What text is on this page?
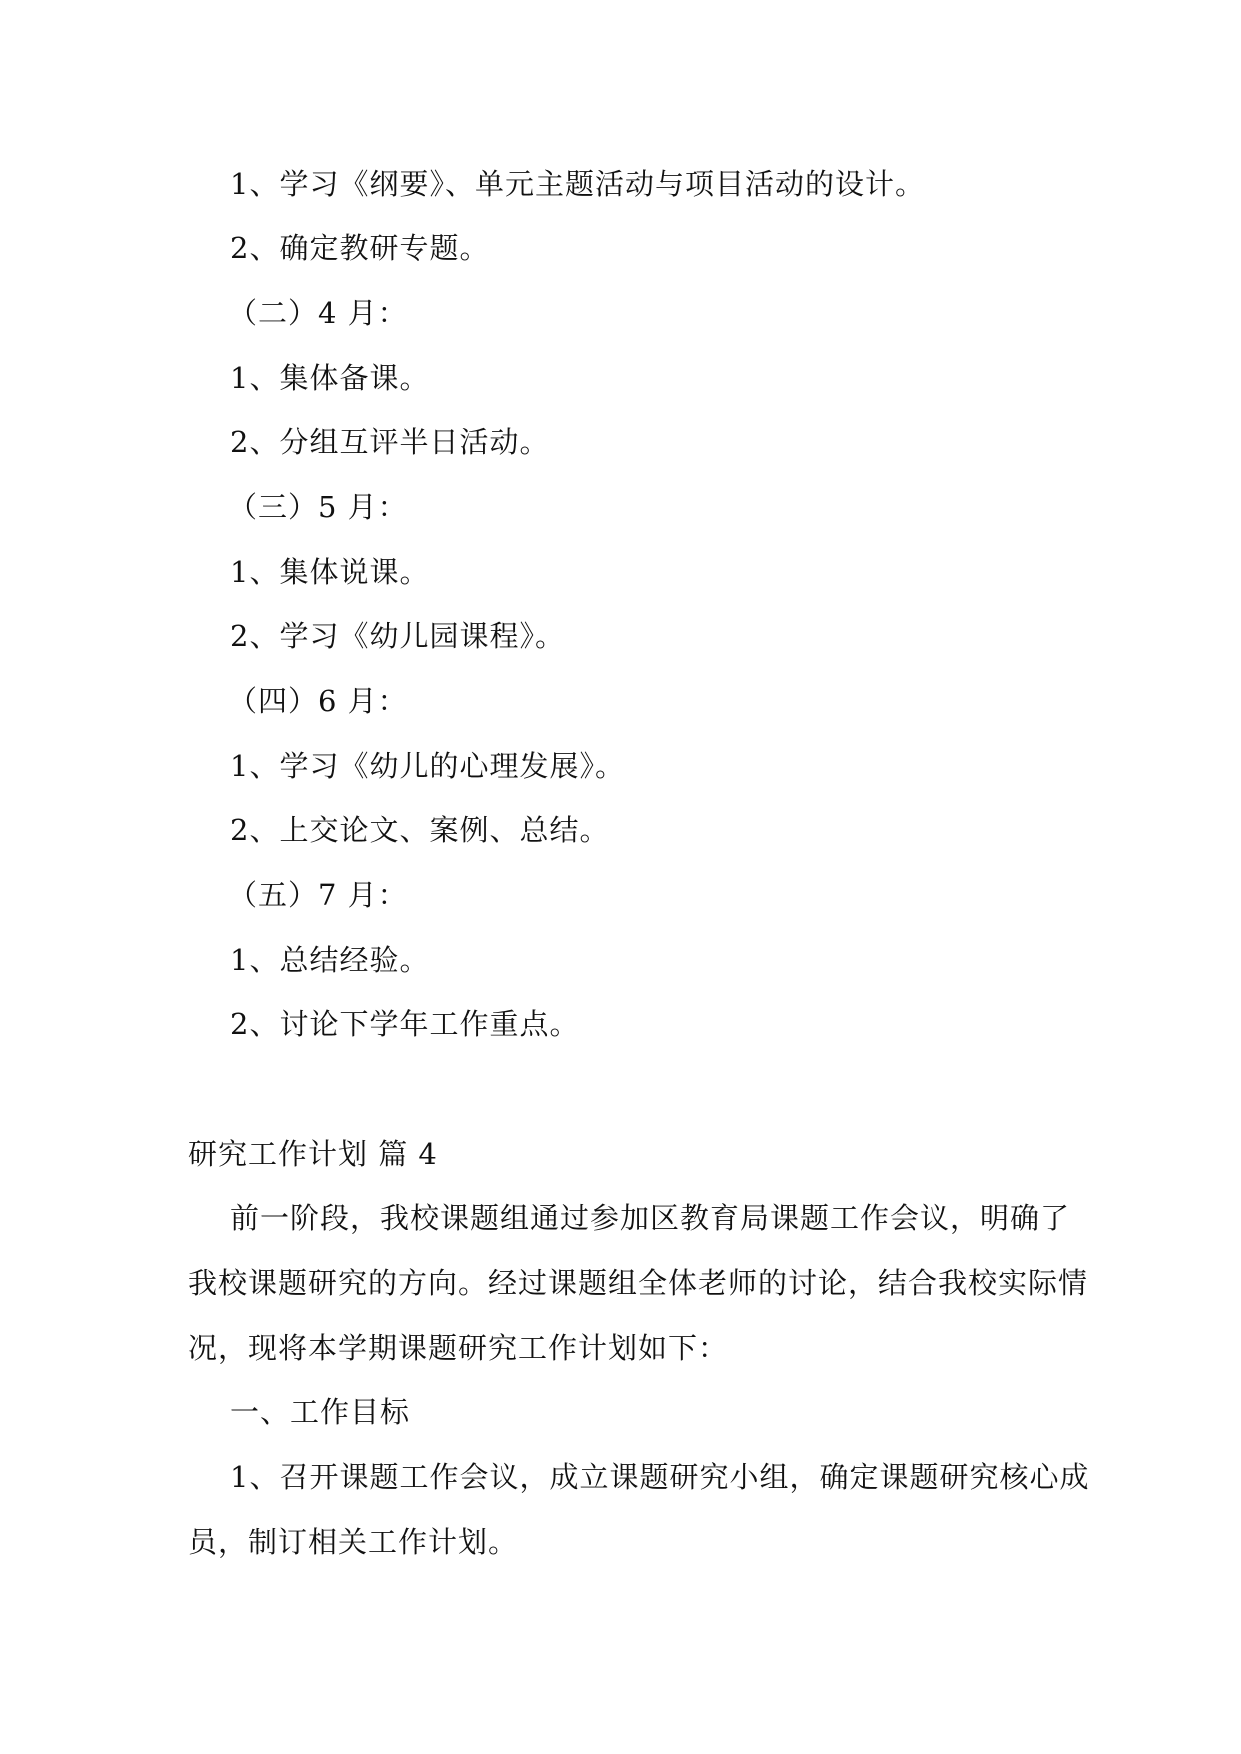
1、学习《纲要》、单元主题活动与项目活动的设计。
2、确定教研专题。
（二）4 月：
1、集体备课。
2、分组互评半日活动。
（三）5 月：
1、集体说课。
2、学习《幼儿园课程》。
（四）6 月：
1、学习《幼儿的心理发展》。
2、上交论文、案例、总结。
（五）7 月：
1、总结经验。
2、讨论下学年工作重点。
研究工作计划 篇 4
前一阶段，我校课题组通过参加区教育局课题工作会议，明确了
我校课题研究的方向。经过课题组全体老师的讨论，结合我校实际情
况，现将本学期课题研究工作计划如下：
一、工作目标
1、召开课题工作会议，成立课题研究小组，确定课题研究核心成
员，制订相关工作计划。
